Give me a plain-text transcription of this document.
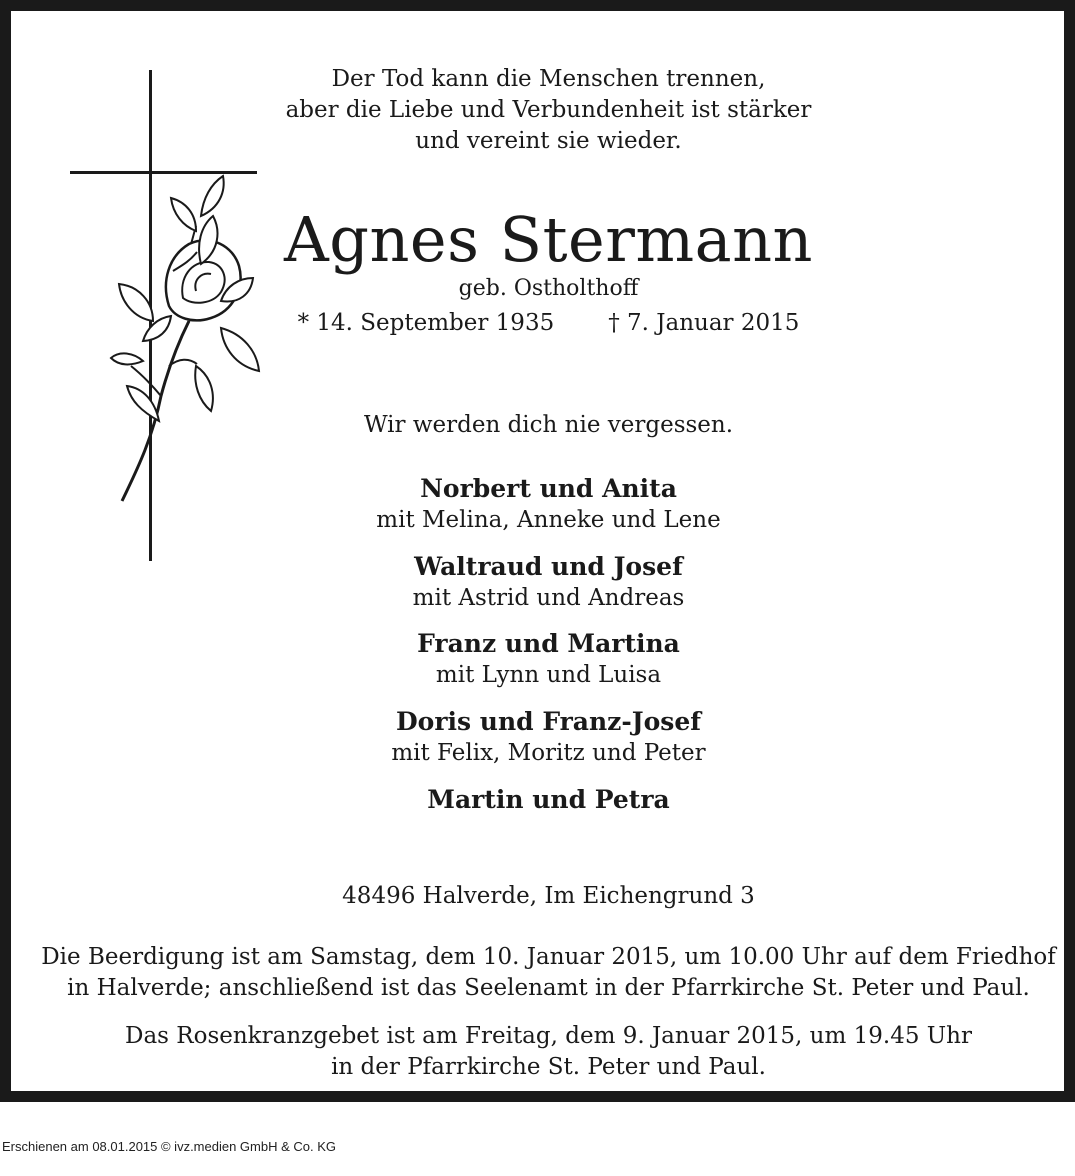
Der Tod kann die Menschen trennen,
aber die Liebe und Verbundenheit ist stärker
und vereint sie wieder.
Agnes Stermann
geb. Ostholthoff
* 14. September 1935 † 7. Januar 2015
Wir werden dich nie vergessen.
Norbert und Anita
mit Melina, Anneke und Lene
Waltraud und Josef
mit Astrid und Andreas
Franz und Martina
mit Lynn und Luisa
Doris und Franz-Josef
mit Felix, Moritz und Peter
Martin und Petra
48496 Halverde, Im Eichengrund 3
Die Beerdigung ist am Samstag, dem 10. Januar 2015, um 10.00 Uhr auf dem Friedhof
in Halverde; anschließend ist das Seelenamt in der Pfarrkirche St. Peter und Paul.
Das Rosenkranzgebet ist am Freitag, dem 9. Januar 2015, um 19.45 Uhr
in der Pfarrkirche St. Peter und Paul.
Erschienen am 08.01.2015 © ivz.medien GmbH & Co. KG
